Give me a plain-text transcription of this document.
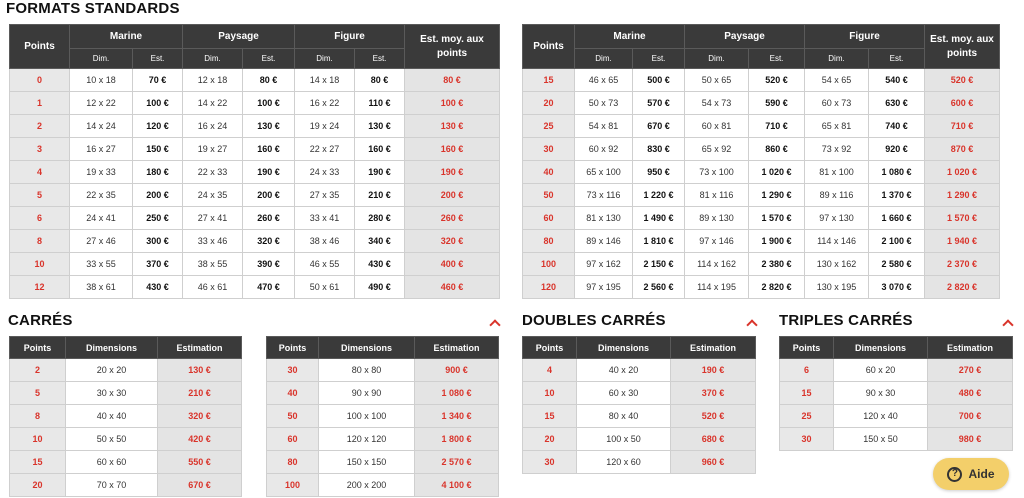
FORMATS STANDARDS
CARRÉS	DOUBLES CARRÉS	TRIPLES CARRÉS
Points	Marine		Paysage		Figure		Est. moy. aux points
	Dim.	Est.	Dim.	Est.	Dim.	Est.	
0	10 x 18	70 €	12 x 18	80 €	14 x 18	80 €	80 €
1	12 x 22	100 €	14 x 22	100 €	16 x 22	110 €	100 €
2	14 x 24	120 €	16 x 24	130 €	19 x 24	130 €	130 €
3	16 x 27	150 €	19 x 27	160 €	22 x 27	160 €	160 €
4	19 x 33	180 €	22 x 33	190 €	24 x 33	190 €	190 €
5	22 x 35	200 €	24 x 35	200 €	27 x 35	210 €	200 €
6	24 x 41	250 €	27 x 41	260 €	33 x 41	280 €	260 €
8	27 x 46	300 €	33 x 46	320 €	38 x 46	340 €	320 €
10	33 x 55	370 €	38 x 55	390 €	46 x 55	430 €	400 €
12	38 x 61	430 €	46 x 61	470 €	50 x 61	490 €	460 €
Points	Marine		Paysage		Figure		Est. moy. aux points
	Dim.	Est.	Dim.	Est.	Dim.	Est.	
15	46 x 65	500 €	50 x 65	520 €	54 x 65	540 €	520 €
20	50 x 73	570 €	54 x 73	590 €	60 x 73	630 €	600 €
25	54 x 81	670 €	60 x 81	710 €	65 x 81	740 €	710 €
30	60 x 92	830 €	65 x 92	860 €	73 x 92	920 €	870 €
40	65 x 100	950 €	73 x 100	1 020 €	81 x 100	1 080 €	1 020 €
50	73 x 116	1 220 €	81 x 116	1 290 €	89 x 116	1 370 €	1 290 €
60	81 x 130	1 490 €	89 x 130	1 570 €	97 x 130	1 660 €	1 570 €
80	89 x 146	1 810 €	97 x 146	1 900 €	114 x 146	2 100 €	1 940 €
100	97 x 162	2 150 €	114 x 162	2 380 €	130 x 162	2 580 €	2 370 €
120	97 x 195	2 560 €	114 x 195	2 820 €	130 x 195	3 070 €	2 820 €
Points	Dimensions	Estimation
2	20 x 20	130 €
5	30 x 30	210 €
8	40 x 40	320 €
10	50 x 50	420 €
15	60 x 60	550 €
20	70 x 70	670 €
Points	Dimensions	Estimation
30	80 x 80	900 €
40	90 x 90	1 080 €
50	100 x 100	1 340 €
60	120 x 120	1 800 €
80	150 x 150	2 570 €
100	200 x 200	4 100 €
Points	Dimensions	Estimation
4	40 x 20	190 €
10	60 x 30	370 €
15	80 x 40	520 €
20	100 x 50	680 €
30	120 x 60	960 €
Points	Dimensions	Estimation
6	60 x 20	270 €
15	90 x 30	480 €
25	120 x 40	700 €
30	150 x 50	980 €
? Aide
